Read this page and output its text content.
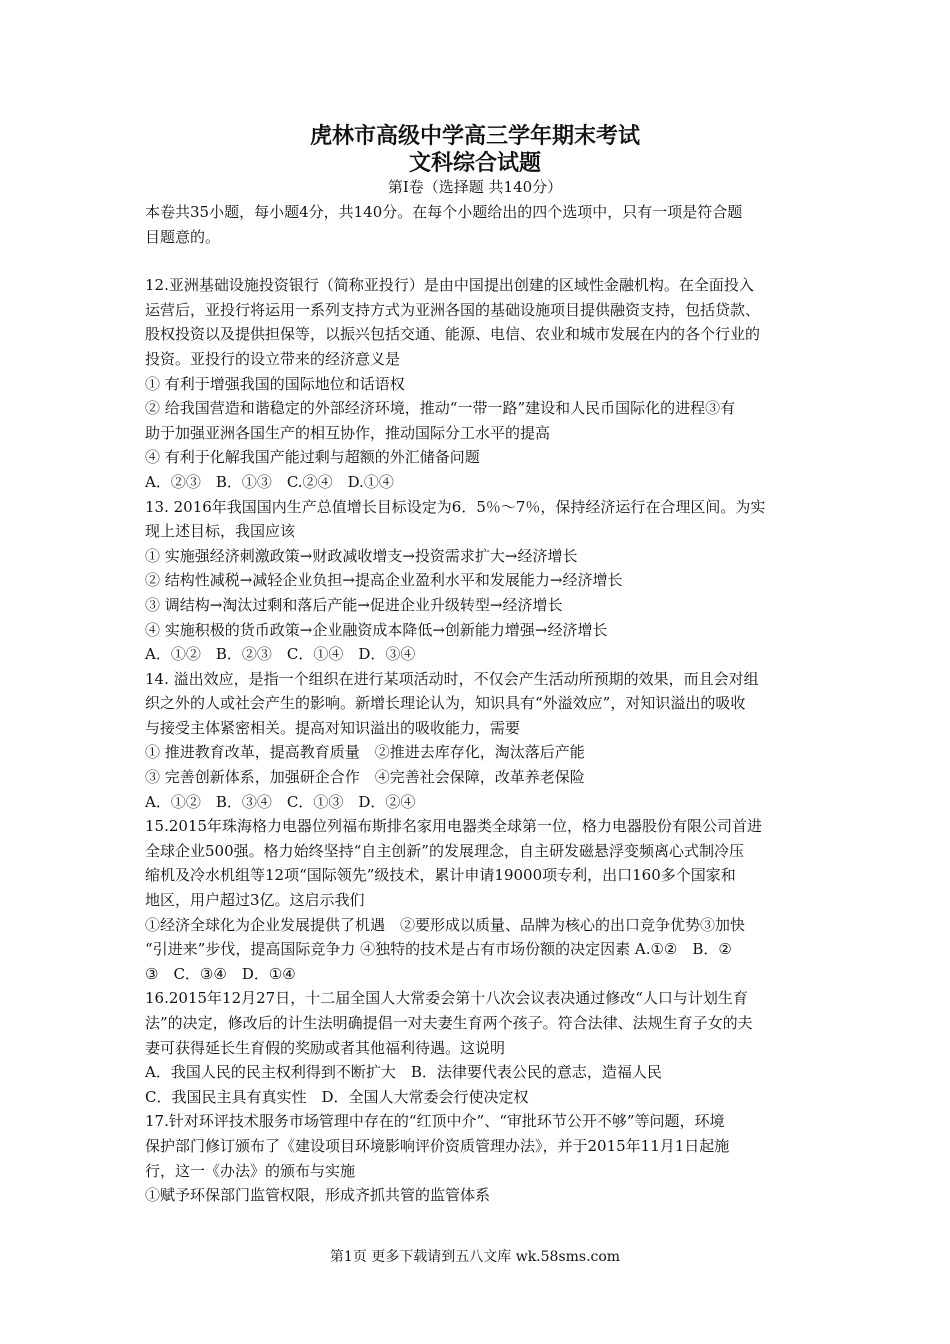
虎林市高级中学高三学年期末考试
文科综合试题
第Ⅰ卷（选择题 共140分）
本卷共35小题，每小题4分，共140分。在每个小题给出的四个选项中，只有一项是符合题
目题意的。
12.亚洲基础设施投资银行（简称亚投行）是由中国提出创建的区域性金融机构。在全面投入
运营后，亚投行将运用一系列支持方式为亚洲各国的基础设施项目提供融资支持，包括贷款、
股权投资以及提供担保等，以振兴包括交通、能源、电信、农业和城市发展在内的各个行业的
投资。亚投行的设立带来的经济意义是
① 有利于增强我国的国际地位和话语权
② 给我国营造和谐稳定的外部经济环境，推动“一带一路”建设和人民币国际化的进程③有
助于加强亚洲各国生产的相互协作，推动国际分工水平的提高
④ 有利于化解我国产能过剩与超额的外汇储备问题
A．②③　B．①③　C.②④　D.①④
13. 2016年我国国内生产总值增长目标设定为6．5％～7％，保持经济运行在合理区间。为实
现上述目标，我国应该
① 实施强经济刺激政策→财政减收增支→投资需求扩大→经济增长
② 结构性减税→减轻企业负担→提高企业盈利水平和发展能力→经济增长
③ 调结构→淘汰过剩和落后产能→促进企业升级转型→经济增长
④ 实施积极的货币政策→企业融资成本降低→创新能力增强→经济增长
A．①②　B．②③　C．①④　D．③④
14. 溢出效应，是指一个组织在进行某项活动时，不仅会产生活动所预期的效果，而且会对组
织之外的人或社会产生的影响。新增长理论认为，知识具有“外溢效应”，对知识溢出的吸收
与接受主体紧密相关。提高对知识溢出的吸收能力，需要
① 推进教育改革，提高教育质量　②推进去库存化，淘汰落后产能
③ 完善创新体系，加强研企合作　④完善社会保障，改革养老保险
A．①②　B．③④　C．①③　D．②④
15.2015年珠海格力电器位列福布斯排名家用电器类全球第一位，格力电器股份有限公司首进
全球企业500强。格力始终坚持“自主创新”的发展理念，自主研发磁悬浮变频离心式制冷压
缩机及冷水机组等12项“国际领先”级技术，累计申请19000项专利，出口160多个国家和
地区，用户超过3亿。这启示我们
①经济全球化为企业发展提供了机遇　②要形成以质量、品牌为核心的出口竞争优势③加快
“引进来”步伐，提高国际竞争力 ④独特的技术是占有市场份额的决定因素 A.①②　B．②
③　C．③④　D．①④
16.2015年12月27日，十二届全国人大常委会第十八次会议表决通过修改“人口与计划生育
法”的决定，修改后的计生法明确提倡一对夫妻生育两个孩子。符合法律、法规生育子女的夫
妻可获得延长生育假的奖励或者其他福利待遇。这说明
A．我国人民的民主权利得到不断扩大　B．法律要代表公民的意志，造福人民
C．我国民主具有真实性　D．全国人大常委会行使决定权
17.针对环评技术服务市场管理中存在的“红顶中介”、“审批环节公开不够”等问题，环境
保护部门修订颁布了《建设项目环境影响评价资质管理办法》，并于2015年11月1日起施
行，这一《办法》的颁布与实施
①赋予环保部门监管权限，形成齐抓共管的监管体系
第1页 更多下载请到五八文库 wk.58sms.com
